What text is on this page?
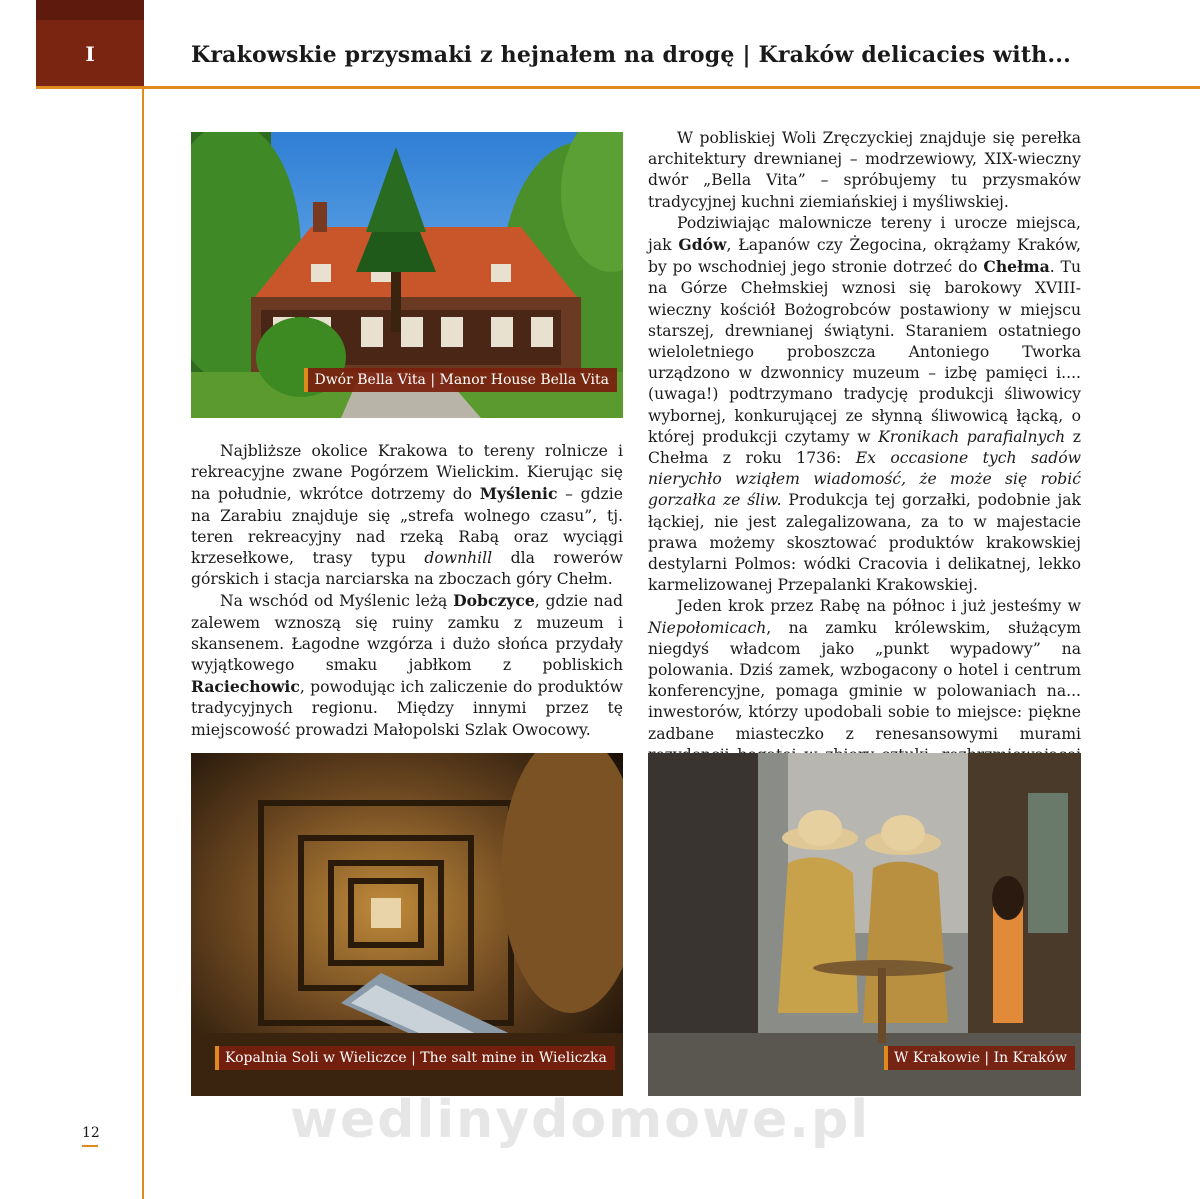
I	Krakowskie przysmaki z hejnałem na drogę | Kraków delicacies with...
Dwór Bella Vita | Manor House Bella Vita

Najbliższe okolice Krakowa to tereny rolnicze i rekreacyjne zwane Pogórzem Wielickim. Kierując się na południe, wkrótce dotrzemy do Myślenic – gdzie na Zarabiu znajduje się „strefa wolnego czasu”, tj. teren rekreacyjny nad rzeką Rabą oraz wyciągi krzesełkowe, trasy typu downhill dla rowerów górskich i stacja narciarska na zboczach góry Chełm.

Na wschód od Myślenic leżą Dobczyce, gdzie nad zalewem wznoszą się ruiny zamku z muzeum i skansenem. Łagodne wzgórza i dużo słońca przydały wyjątkowego smaku jabłkom z pobliskich Raciechowic, powodując ich zaliczenie do produktów tradycyjnych regionu. Między innymi przez tę miejscowość prowadzi Małopolski Szlak Owocowy.

W pobliskiej Woli Zręczyckiej znajduje się perełka architektury drewnianej – modrzewiowy, XIX-wieczny dwór „Bella Vita” – spróbujemy tu przysmaków tradycyjnej kuchni ziemiańskiej i myśliwskiej.

Podziwiając malownicze tereny i urocze miejsca, jak Gdów, Łapanów czy Żegocina, okrążamy Kraków, by po wschodniej jego stronie dotrzeć do Chełma. Tu na Górze Chełmskiej wznosi się barokowy XVIII-wieczny kościół Bożogrobców postawiony w miejscu starszej, drewnianej świątyni. Staraniem ostatniego wieloletniego proboszcza Antoniego Tworka urządzono w dzwonnicy muzeum – izbę pamięci i.... (uwaga!) podtrzymano tradycję produkcji śliwowicy wybornej, konkurującej ze słynną śliwowicą łącką, o której produkcji czytamy w Kronikach parafialnych z Chełma z roku 1736: Ex occasione tych sadów nierychło wziąłem wiadomość, że może się robić gorzałka ze śliw. Produkcja tej gorzałki, podobnie jak łąckiej, nie jest zalegalizowana, za to w majestacie prawa możemy skosztować produktów krakowskiej destylarni Polmos: wódki Cracovia i delikatnej, lekko karmelizowanej Przepalanki Krakowskiej.

Jeden krok przez Rabę na północ i już jesteśmy w Niepołomicach, na zamku królewskim, służącym niegdyś władcom jako „punkt wypadowy” na polowania. Dziś zamek, wzbogacony o hotel i centrum konferencyjne, pomaga gminie w polowaniach na... inwestorów, którzy upodobali sobie to miejsce: piękne zadbane miasteczko z renesansowymi murami

Kopalnia Soli w Wieliczce | The salt mine in Wieliczka	W Krakowie | In Kraków
12	wedlinydomowe.pl
